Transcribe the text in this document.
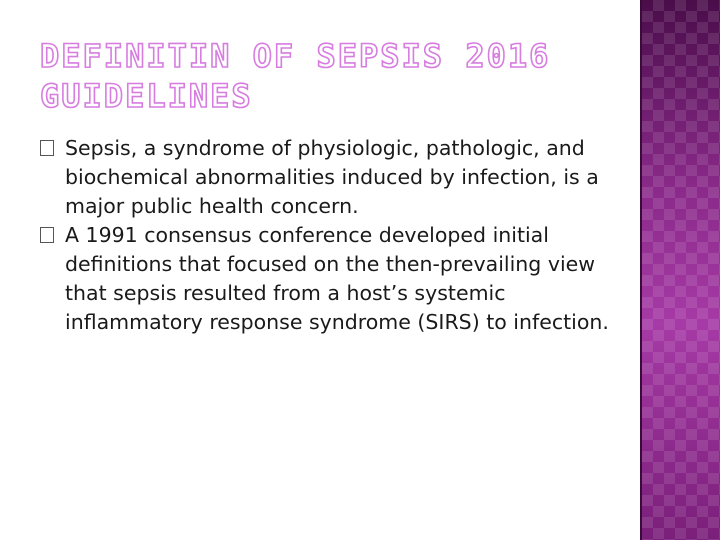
DEFINITIN OF SEPSIS 2016 GUIDELINES

Sepsis, a syndrome of physiologic, pathologic, and biochemical abnormalities induced by infection, is a major public health concern.

A 1991 consensus conference developed initial definitions that focused on the then-prevailing view that sepsis resulted from a host’s systemic inflammatory response syndrome (SIRS) to infection.
